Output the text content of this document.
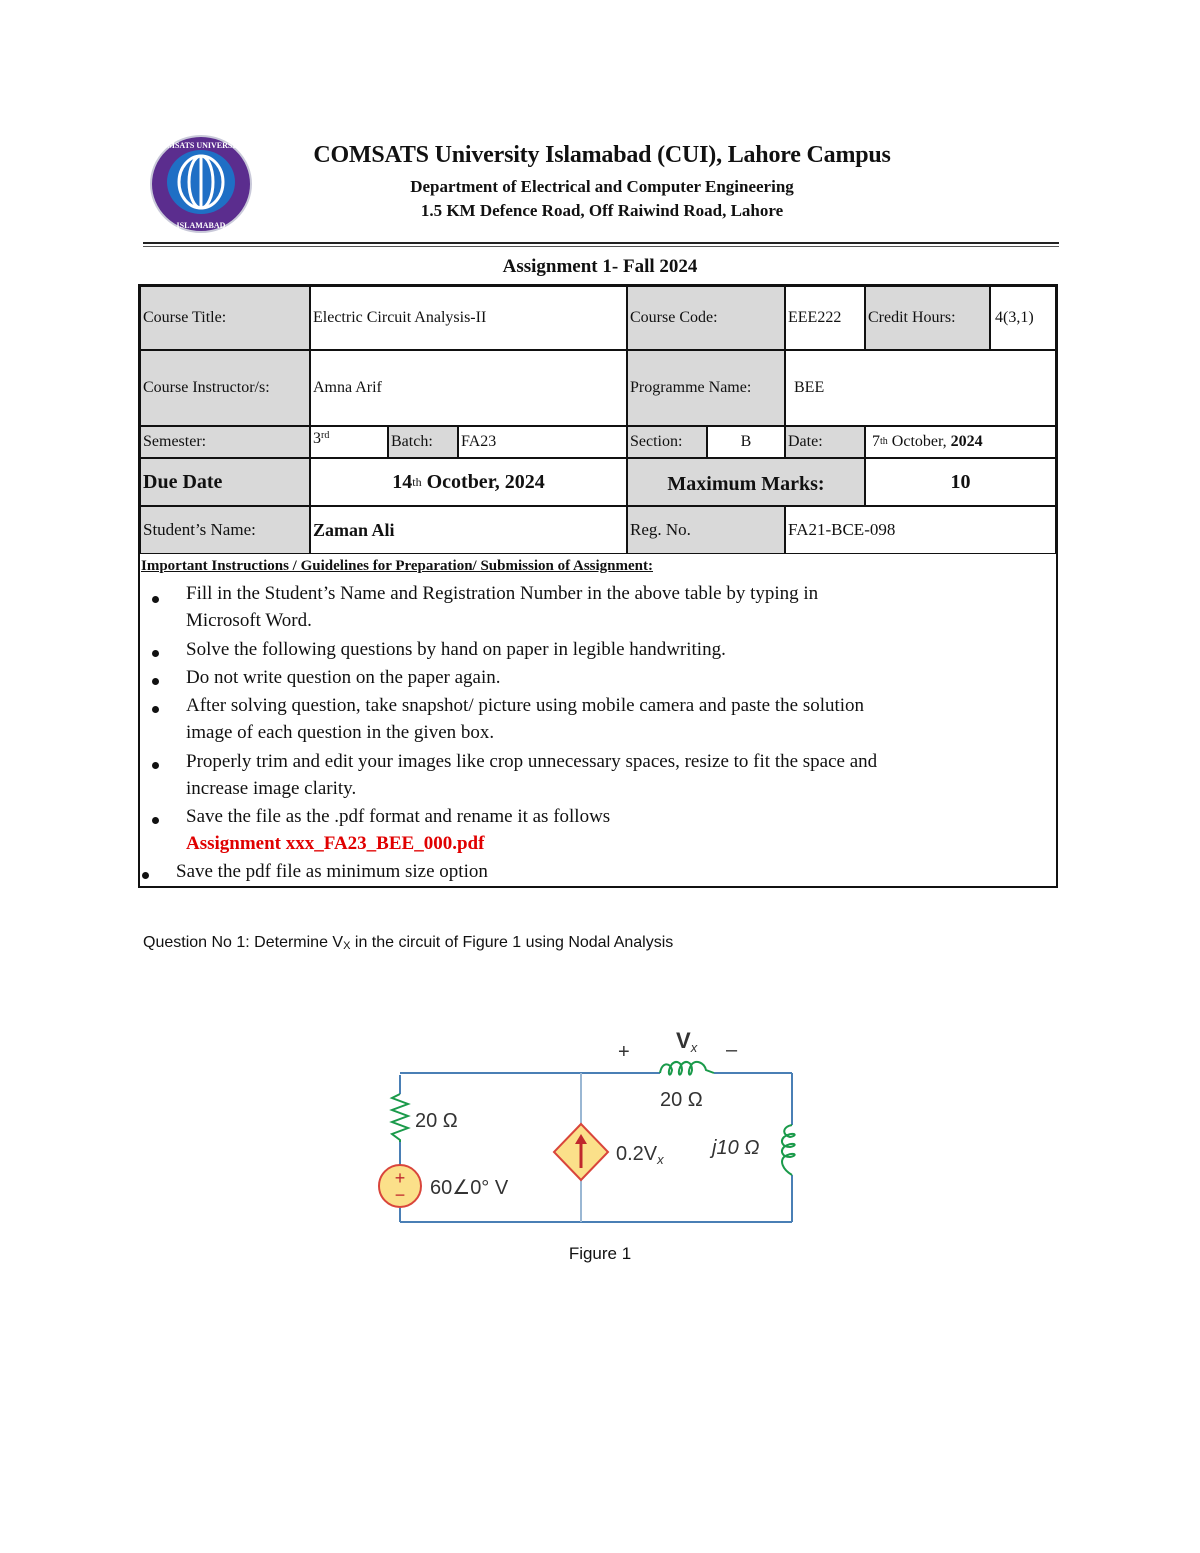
COMSATS UNIVERSITY
ISLAMABAD
COMSATS University Islamabad (CUI), Lahore Campus
Department of Electrical and Computer Engineering
1.5 KM Defence Road, Off Raiwind Road, Lahore
Assignment 1- Fall 2024
Course Title:	Electric Circuit Analysis-II	Course Code:	EEE222	Credit Hours:	4(3,1)
Course Instructor/s:	Amna Arif	Programme Name:	BEE
Semester:	3 rd	Batch:	FA23	Section:	B	Date:	7 th October, 2024
Due Date	14 th Ocotber, 2024	Maximum Marks:	10
Student’s Name:	Zaman Ali	Reg. No.	FA21-BCE-098
Important Instructions / Guidelines for Preparation/ Submission of Assignment:
Fill in the Student’s Name and Registration Number in the above table by typing in
Microsoft Word.
Solve the following questions by hand on paper in legible handwriting.
Do not write question on the paper again.
After solving question, take snapshot/ picture using mobile camera and paste the solution
image of each question in the given box.
Properly trim and edit your images like crop unnecessary spaces, resize to fit the space and
increase image clarity.
Save the file as the .pdf format and rename it as follows
Assignment xxx_FA23_BEE_000.pdf
Save the pdf file as minimum size option
Question No 1: Determine VX in the circuit of Figure 1 using Nodal Analysis
20 Ω
+
− 60∠0° V
$0.2V_x$
+ Vx –
20 Ω
j10 Ω
Figure 1
